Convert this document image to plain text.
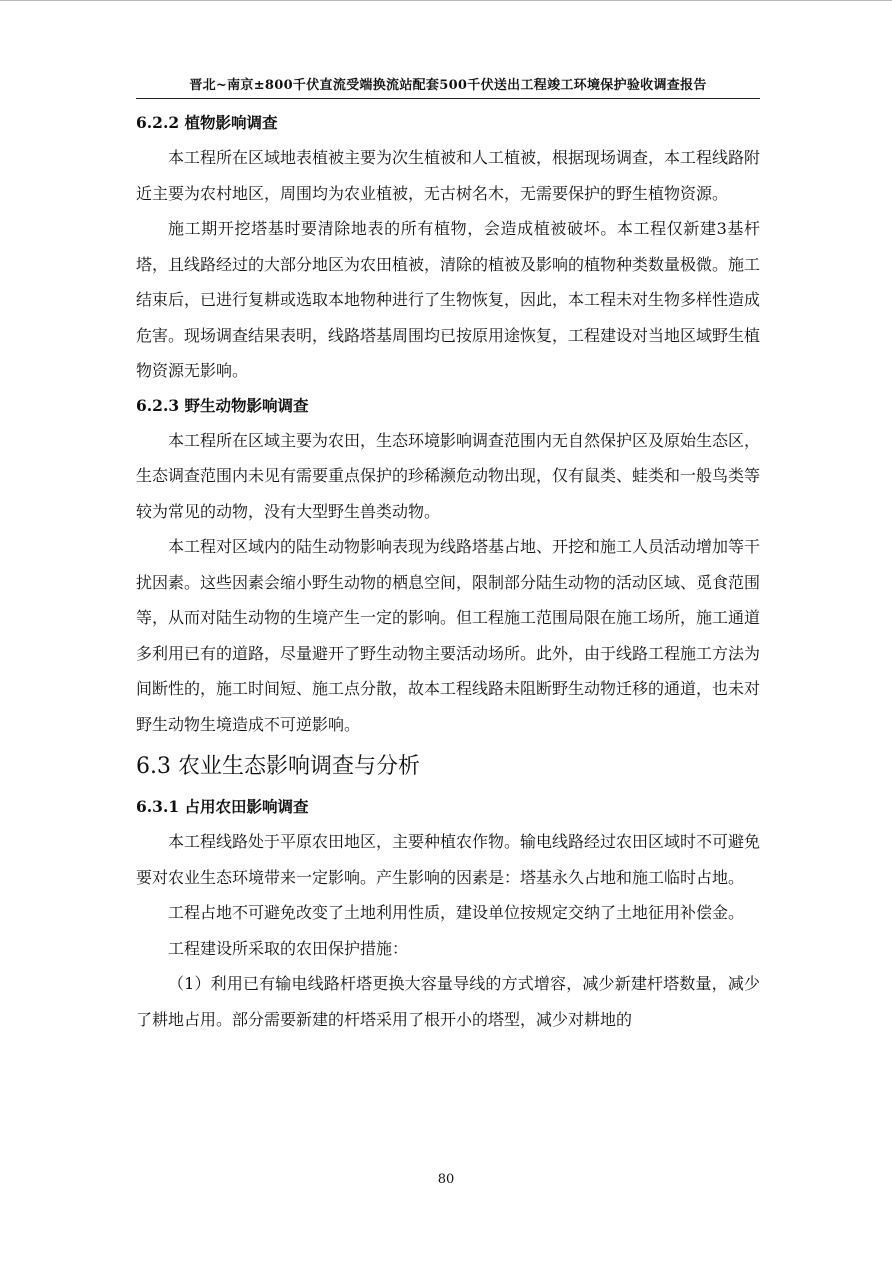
晋北~南京±800千伏直流受端换流站配套500千伏送出工程竣工环境保护验收调查报告
6.2.2 植物影响调查

本工程所在区域地表植被主要为次生植被和人工植被，根据现场调查，本工程线路附近主要为农村地区，周围均为农业植被，无古树名木，无需要保护的野生植物资源。

施工期开挖塔基时要清除地表的所有植物，会造成植被破坏。本工程仅新建3基杆塔，且线路经过的大部分地区为农田植被，清除的植被及影响的植物种类数量极微。施工结束后，已进行复耕或选取本地物种进行了生物恢复，因此，本工程未对生物多样性造成危害。现场调查结果表明，线路塔基周围均已按原用途恢复，工程建设对当地区域野生植物资源无影响。

6.2.3 野生动物影响调查

本工程所在区域主要为农田，生态环境影响调查范围内无自然保护区及原始生态区，生态调查范围内未见有需要重点保护的珍稀濒危动物出现，仅有鼠类、蛙类和一般鸟类等较为常见的动物，没有大型野生兽类动物。

本工程对区域内的陆生动物影响表现为线路塔基占地、开挖和施工人员活动增加等干扰因素。这些因素会缩小野生动物的栖息空间，限制部分陆生动物的活动区域、觅食范围等，从而对陆生动物的生境产生一定的影响。但工程施工范围局限在施工场所，施工通道多利用已有的道路，尽量避开了野生动物主要活动场所。此外，由于线路工程施工方法为间断性的，施工时间短、施工点分散，故本工程线路未阻断野生动物迁移的通道，也未对野生动物生境造成不可逆影响。

6.3 农业生态影响调查与分析
6.3.1 占用农田影响调查

本工程线路处于平原农田地区，主要种植农作物。输电线路经过农田区域时不可避免要对农业生态环境带来一定影响。产生影响的因素是：塔基永久占地和施工临时占地。

工程占地不可避免改变了土地利用性质，建设单位按规定交纳了土地征用补偿金。

工程建设所采取的农田保护措施：

（1）利用已有输电线路杆塔更换大容量导线的方式增容，减少新建杆塔数量，减少了耕地占用。部分需要新建的杆塔采用了根开小的塔型，减少对耕地的

80
